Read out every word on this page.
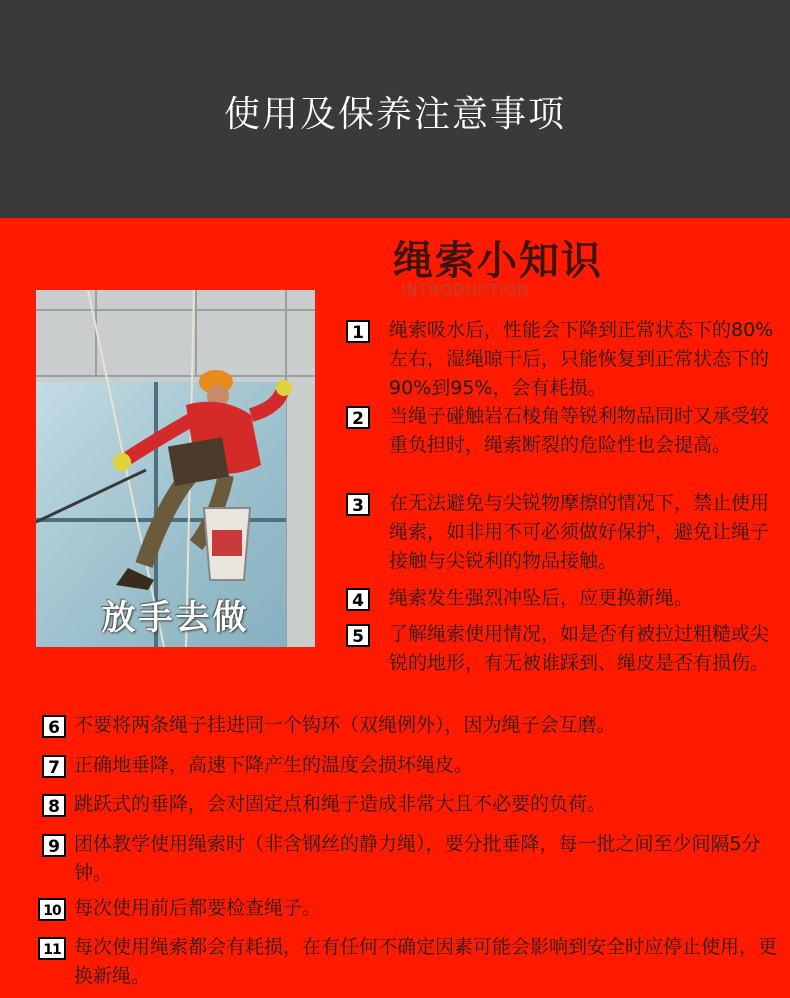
使用及保养注意事项
绳索小知识
INTRODUCTION
放手去做
1	绳索吸水后，性能会下降到正常状态下的80%左右，湿绳晾干后，只能恢复到正常状态下的90%到95%，会有耗损。
2	当绳子碰触岩石棱角等锐利物品同时又承受较重负担时，绳索断裂的危险性也会提高。
3	在无法避免与尖锐物摩擦的情况下，禁止使用绳索，如非用不可必须做好保护，避免让绳子接触与尖锐利的物品接触。
4	绳索发生强烈冲坠后，应更换新绳。
5	了解绳索使用情况，如是否有被拉过粗糙或尖锐的地形，有无被谁踩到、绳皮是否有损伤。
6 不要将两条绳子挂进同一个钩环（双绳例外），因为绳子会互磨。
7 正确地垂降，高速下降产生的温度会损坏绳皮。
8 跳跃式的垂降，会对固定点和绳子造成非常大且不必要的负荷。
9 团体教学使用绳索时（非含钢丝的静力绳），要分批垂降，每一批之间至少间隔5分钟。
10 每次使用前后都要检查绳子。
11 每次使用绳索都会有耗损，在有任何不确定因素可能会影响到安全时应停止使用，更换新绳。
